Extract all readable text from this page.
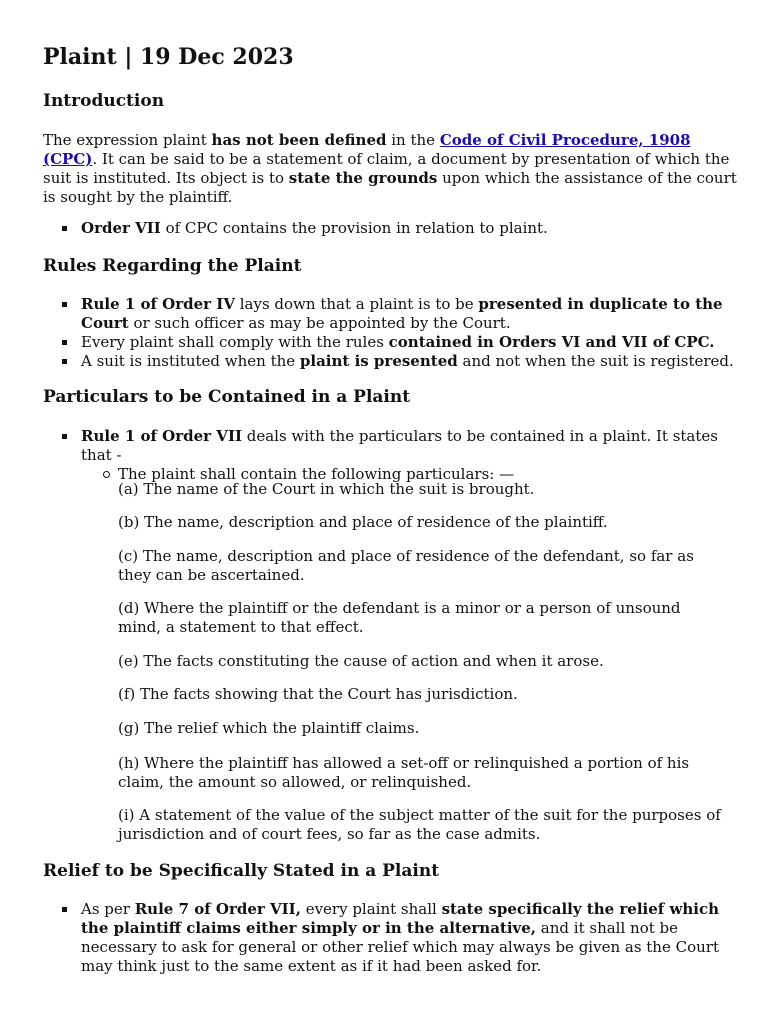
Plaint | 19 Dec 2023
Introduction

The expression plaint has not been defined in the Code of Civil Procedure, 1908 (CPC). It can be said to be a statement of claim, a document by presentation of which the suit is instituted. Its object is to state the grounds upon which the assistance of the court is sought by the plaintiff.

Order VII of CPC contains the provision in relation to plaint.
Rules Regarding the Plaint
Rule 1 of Order IV lays down that a plaint is to be presented in duplicate to the Court or such officer as may be appointed by the Court.
Every plaint shall comply with the rules contained in Orders VI and VII of CPC.
A suit is instituted when the plaint is presented and not when the suit is registered.
Particulars to be Contained in a Plaint
Rule 1 of Order VII deals with the particulars to be contained in a plaint. It states that -
The plaint shall contain the following particulars: —

(a) The name of the Court in which the suit is brought.

(b) The name, description and place of residence of the plaintiff.

(c) The name, description and place of residence of the defendant, so far as they can be ascertained.

(d) Where the plaintiff or the defendant is a minor or a person of unsound mind, a statement to that effect.

(e) The facts constituting the cause of action and when it arose.

(f) The facts showing that the Court has jurisdiction.

(g) The relief which the plaintiff claims.

(h) Where the plaintiff has allowed a set-off or relinquished a portion of his claim, the amount so allowed, or relinquished.

(i) A statement of the value of the subject matter of the suit for the purposes of jurisdiction and of court fees, so far as the case admits.

Relief to be Specifically Stated in a Plaint
As per Rule 7 of Order VII, every plaint shall state specifically the relief which the plaintiff claims either simply or in the alternative, and it shall not be necessary to ask for general or other relief which may always be given as the Court may think just to the same extent as if it had been asked for.
